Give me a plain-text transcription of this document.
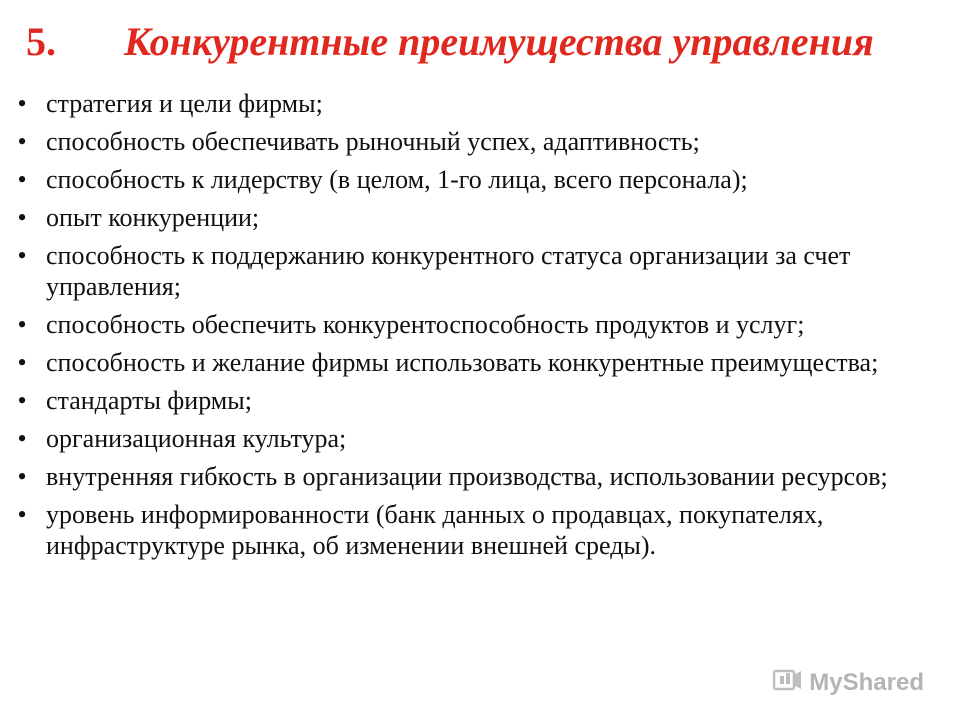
5. Конкурентные преимущества управления
• стратегия и цели фирмы;
• способность обеспечивать рыночный успех, адаптивность;
• способность к лидерству (в целом, 1-го лица, всего персонала);
• опыт конкуренции;
• способность к поддержанию конкурентного статуса организации за счет управления;
• способность обеспечить конкурентоспособность продуктов и услуг;
• способность и желание фирмы использовать конкурентные преимущества;
• стандарты фирмы;
• организационная культура;
• внутренняя гибкость в организации производства, использовании ресурсов;
• уровень информированности (банк данных о продавцах, покупателях, инфраструктуре рынка, об изменении внешней среды).
MyShared
